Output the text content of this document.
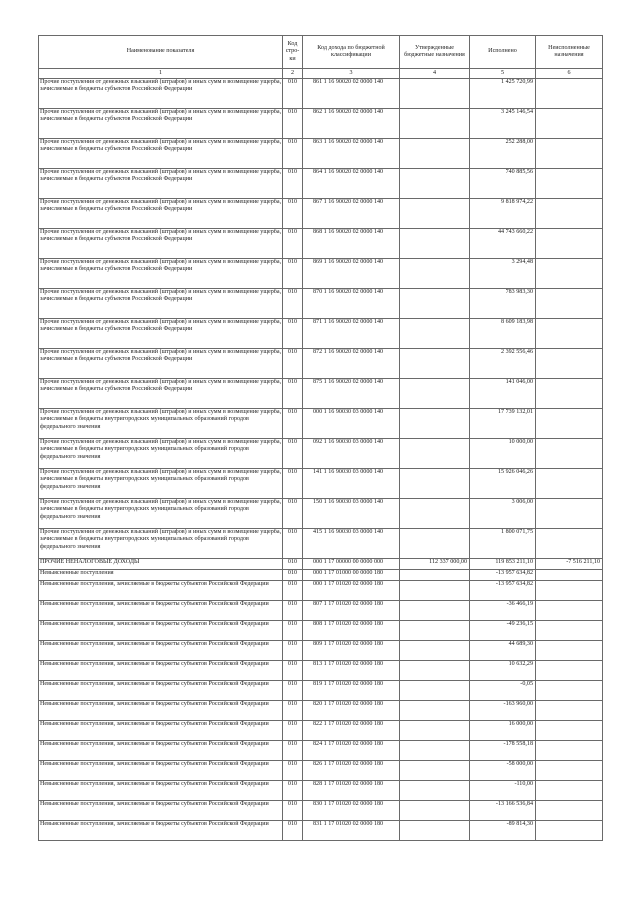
Наименование показателя	Код стро- ки	Код дохода по бюджетной классификации	Утвержденные бюджетные назначения	Исполнено	Неисполненные назначения
1	2	3	4	5	6
Прочие поступления от денежных взысканий (штрафов) и иных сумм в возмещение ущерба, зачисляемые в бюджеты субъектов Российской Федерации	010	861 1 16 90020 02 0000 140		1 425 720,99	
Прочие поступления от денежных взысканий (штрафов) и иных сумм в возмещение ущерба, зачисляемые в бюджеты субъектов Российской Федерации	010	862 1 16 90020 02 0000 140		3 245 146,54	
Прочие поступления от денежных взысканий (штрафов) и иных сумм в возмещение ущерба, зачисляемые в бюджеты субъектов Российской Федерации	010	863 1 16 90020 02 0000 140		252 288,00	
Прочие поступления от денежных взысканий (штрафов) и иных сумм в возмещение ущерба, зачисляемые в бюджеты субъектов Российской Федерации	010	864 1 16 90020 02 0000 140		740 885,56	
Прочие поступления от денежных взысканий (штрафов) и иных сумм в возмещение ущерба, зачисляемые в бюджеты субъектов Российской Федерации	010	867 1 16 90020 02 0000 140		9 818 974,22	
Прочие поступления от денежных взысканий (штрафов) и иных сумм в возмещение ущерба, зачисляемые в бюджеты субъектов Российской Федерации	010	868 1 16 90020 02 0000 140		44 743 660,22	
Прочие поступления от денежных взысканий (штрафов) и иных сумм в возмещение ущерба, зачисляемые в бюджеты субъектов Российской Федерации	010	869 1 16 90020 02 0000 140		3 294,48	
Прочие поступления от денежных взысканий (штрафов) и иных сумм в возмещение ущерба, зачисляемые в бюджеты субъектов Российской Федерации	010	870 1 16 90020 02 0000 140		783 983,30	
Прочие поступления от денежных взысканий (штрафов) и иных сумм в возмещение ущерба, зачисляемые в бюджеты субъектов Российской Федерации	010	871 1 16 90020 02 0000 140		8 609 183,98	
Прочие поступления от денежных взысканий (штрафов) и иных сумм в возмещение ущерба, зачисляемые в бюджеты субъектов Российской Федерации	010	872 1 16 90020 02 0000 140		2 392 556,46	
Прочие поступления от денежных взысканий (штрафов) и иных сумм в возмещение ущерба, зачисляемые в бюджеты субъектов Российской Федерации	010	875 1 16 90020 02 0000 140		141 046,00	
Прочие поступления от денежных взысканий (штрафов) и иных сумм в возмещение ущерба, зачисляемые в бюджеты внутригородских муниципальных образований городов федерального значения	010	000 1 16 90030 03 0000 140		17 739 132,01	
Прочие поступления от денежных взысканий (штрафов) и иных сумм в возмещение ущерба, зачисляемые в бюджеты внутригородских муниципальных образований городов федерального значения	010	092 1 16 90030 03 0000 140		10 000,00	
Прочие поступления от денежных взысканий (штрафов) и иных сумм в возмещение ущерба, зачисляемые в бюджеты внутригородских муниципальных образований городов федерального значения	010	141 1 16 90030 03 0000 140		15 926 046,26	
Прочие поступления от денежных взысканий (штрафов) и иных сумм в возмещение ущерба, зачисляемые в бюджеты внутригородских муниципальных образований городов федерального значения	010	150 1 16 90030 03 0000 140		3 006,00	
Прочие поступления от денежных взысканий (штрафов) и иных сумм в возмещение ущерба, зачисляемые в бюджеты внутригородских муниципальных образований городов федерального значения	010	415 1 16 90030 03 0000 140		1 800 071,75	
ПРОЧИЕ НЕНАЛОГОВЫЕ ДОХОДЫ	010	000 1 17 00000 00 0000 000	112 337 000,00	119 853 211,10	-7 516 211,10
Невыясненные поступления	010	000 1 17 01000 00 0000 180		-13 957 634,82	
Невыясненные поступления, зачисляемые в бюджеты субъектов Российской Федерации	010	000 1 17 01020 02 0000 180		-13 957 634,82	
Невыясненные поступления, зачисляемые в бюджеты субъектов Российской Федерации	010	807 1 17 01020 02 0000 180		-36 466,19	
Невыясненные поступления, зачисляемые в бюджеты субъектов Российской Федерации	010	808 1 17 01020 02 0000 180		-49 236,15	
Невыясненные поступления, зачисляемые в бюджеты субъектов Российской Федерации	010	809 1 17 01020 02 0000 180		44 689,30	
Невыясненные поступления, зачисляемые в бюджеты субъектов Российской Федерации	010	813 1 17 01020 02 0000 180		10 632,29	
Невыясненные поступления, зачисляемые в бюджеты субъектов Российской Федерации	010	819 1 17 01020 02 0000 180		-0,05	
Невыясненные поступления, зачисляемые в бюджеты субъектов Российской Федерации	010	820 1 17 01020 02 0000 180		-163 960,00	
Невыясненные поступления, зачисляемые в бюджеты субъектов Российской Федерации	010	822 1 17 01020 02 0000 180		16 000,00	
Невыясненные поступления, зачисляемые в бюджеты субъектов Российской Федерации	010	824 1 17 01020 02 0000 180		-178 558,18	
Невыясненные поступления, зачисляемые в бюджеты субъектов Российской Федерации	010	826 1 17 01020 02 0000 180		-58 000,00	
Невыясненные поступления, зачисляемые в бюджеты субъектов Российской Федерации	010	828 1 17 01020 02 0000 180		-110,00	
Невыясненные поступления, зачисляемые в бюджеты субъектов Российской Федерации	010	830 1 17 01020 02 0000 180		-13 166 536,84	
Невыясненные поступления, зачисляемые в бюджеты субъектов Российской Федерации	010	831 1 17 01020 02 0000 180		-89 814,30	
